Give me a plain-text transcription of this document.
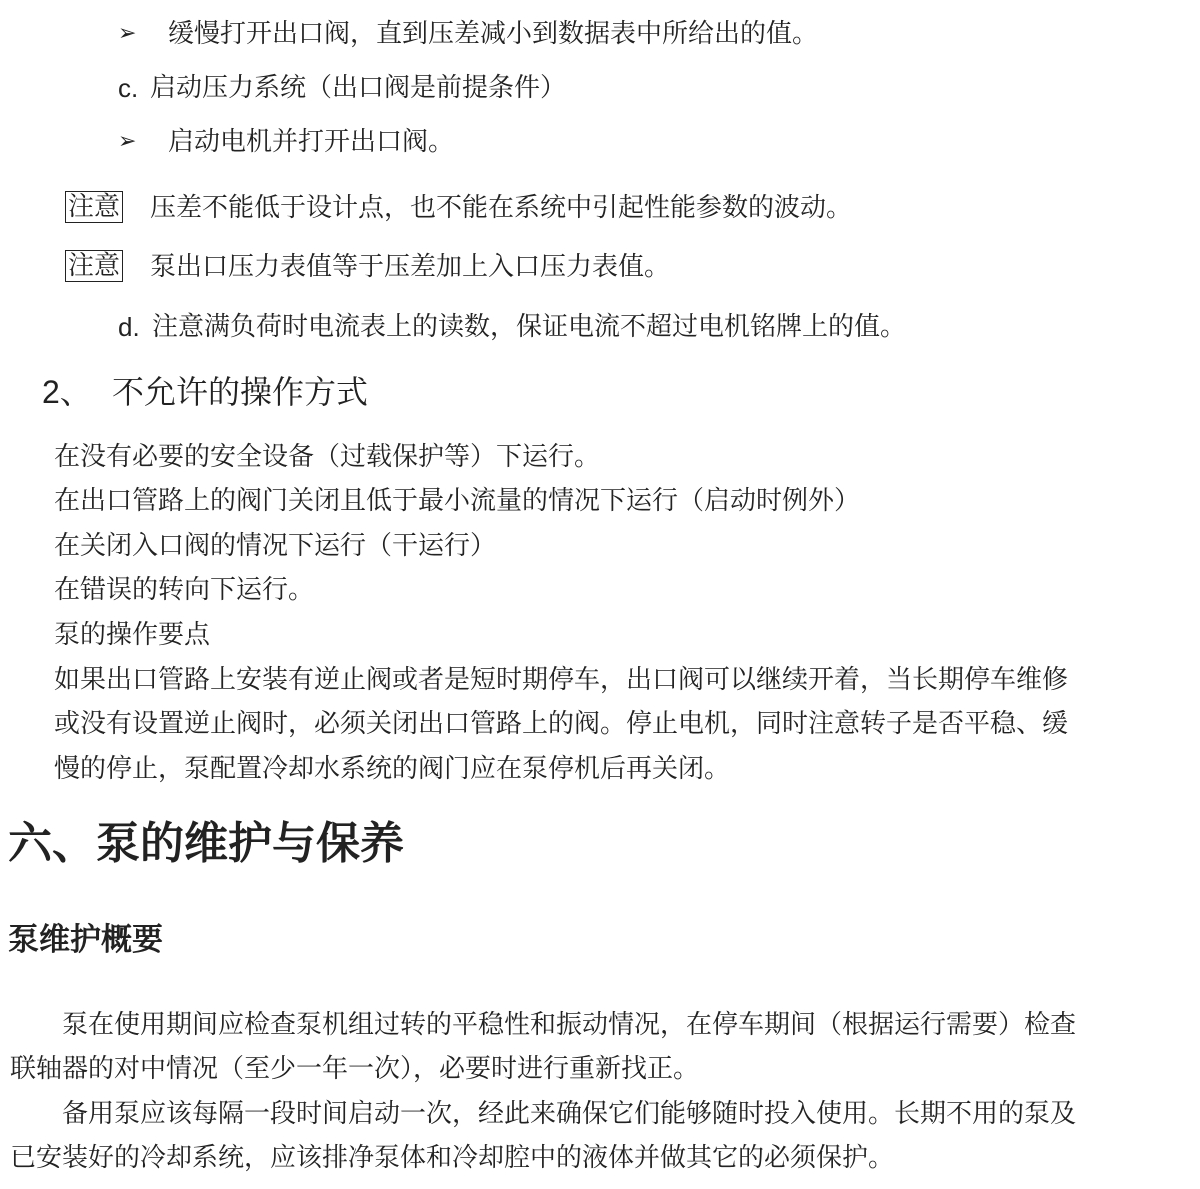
➢ 缓慢打开出口阀，直到压差减小到数据表中所给出的值。
c. 启动压力系统（出口阀是前提条件）
➢ 启动电机并打开出口阀。
注意 压差不能低于设计点，也不能在系统中引起性能参数的波动。
注意 泵出口压力表值等于压差加上入口压力表值。
d. 注意满负荷时电流表上的读数，保证电流不超过电机铭牌上的值。
2、 不允许的操作方式
在没有必要的安全设备（过载保护等）下运行。
在出口管路上的阀门关闭且低于最小流量的情况下运行（启动时例外）
在关闭入口阀的情况下运行（干运行）
在错误的转向下运行。
泵的操作要点
如果出口管路上安装有逆止阀或者是短时期停车，出口阀可以继续开着，当长期停车维修
或没有设置逆止阀时，必须关闭出口管路上的阀。停止电机，同时注意转子是否平稳、缓
慢的停止，泵配置冷却水系统的阀门应在泵停机后再关闭。
六、泵的维护与保养
泵维护概要
泵在使用期间应检查泵机组过转的平稳性和振动情况，在停车期间（根据运行需要）检查
联轴器的对中情况（至少一年一次），必要时进行重新找正。
备用泵应该每隔一段时间启动一次，经此来确保它们能够随时投入使用。长期不用的泵及
已安装好的冷却系统，应该排净泵体和冷却腔中的液体并做其它的必须保护。
